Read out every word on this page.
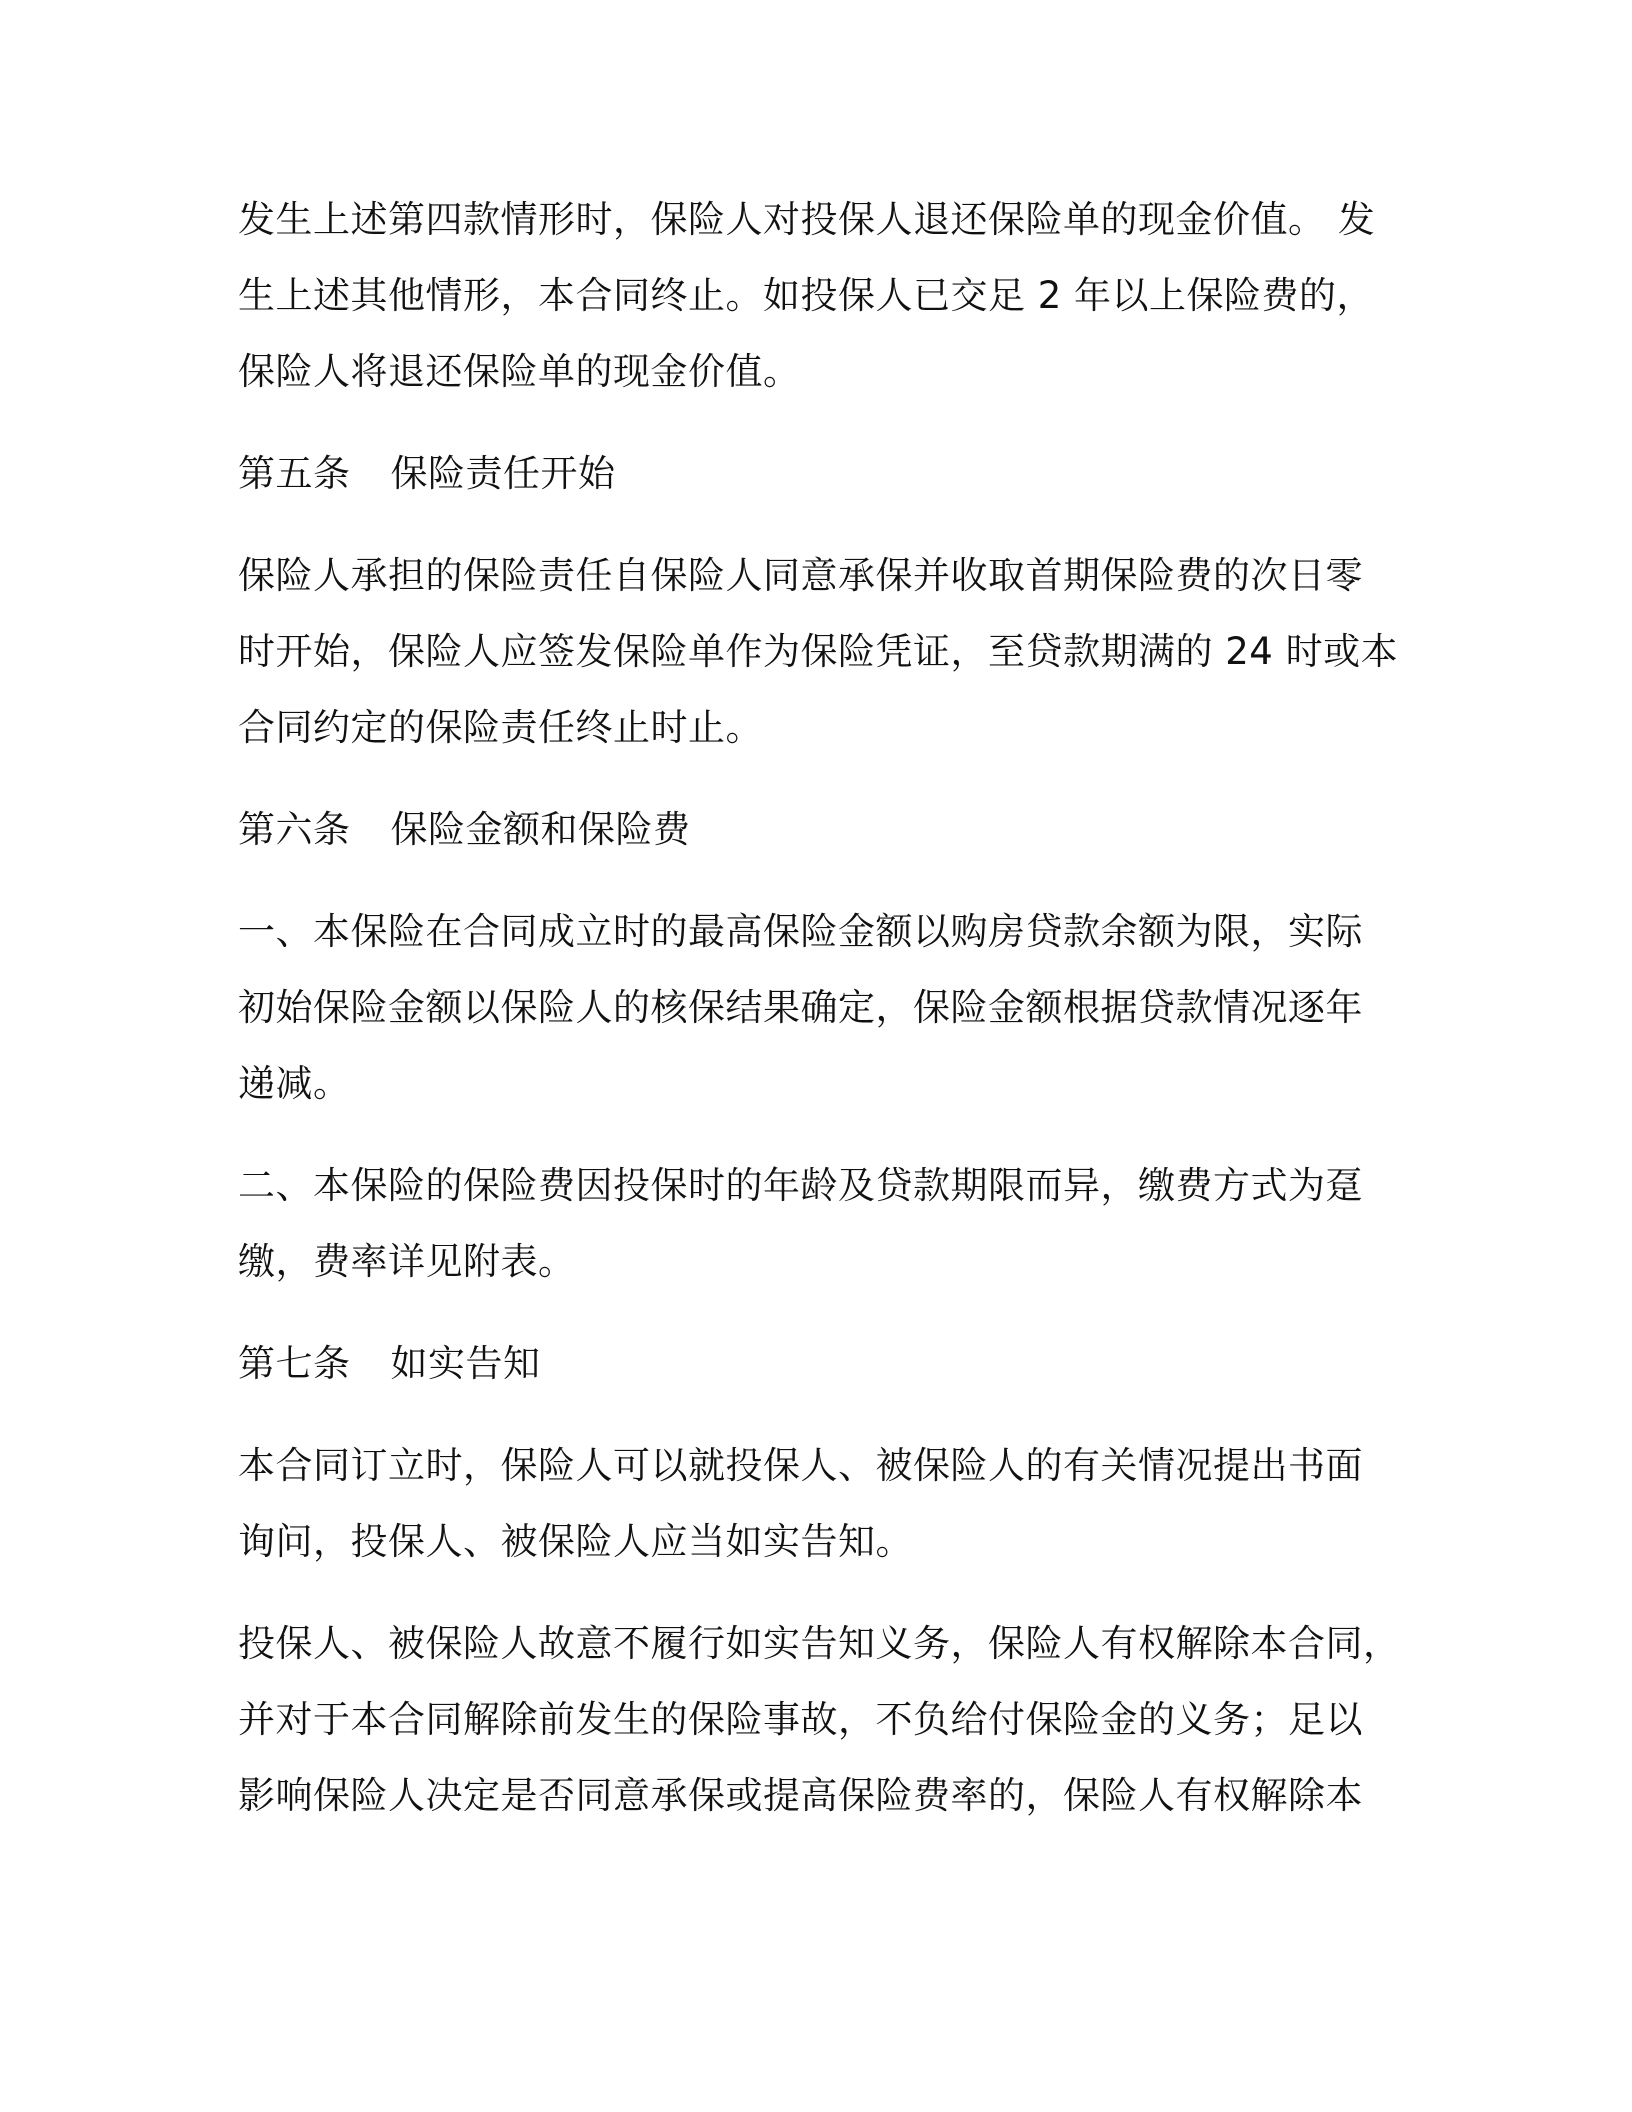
发生上述第四款情形时，保险人对投保人退还保险单的现金价值。 发
生上述其他情形，本合同终止。如投保人已交足 2 年以上保险费的，
保险人将退还保险单的现金价值。
第五条 保险责任开始
保险人承担的保险责任自保险人同意承保并收取首期保险费的次日零
时开始，保险人应签发保险单作为保险凭证，至贷款期满的 24 时或本
合同约定的保险责任终止时止。
第六条 保险金额和保险费
一、本保险在合同成立时的最高保险金额以购房贷款余额为限，实际
初始保险金额以保险人的核保结果确定，保险金额根据贷款情况逐年
递减。
二、本保险的保险费因投保时的年龄及贷款期限而异，缴费方式为趸
缴，费率详见附表。
第七条 如实告知
本合同订立时，保险人可以就投保人、被保险人的有关情况提出书面
询问，投保人、被保险人应当如实告知。
投保人、被保险人故意不履行如实告知义务，保险人有权解除本合同，
并对于本合同解除前发生的保险事故，不负给付保险金的义务；足以
影响保险人决定是否同意承保或提高保险费率的，保险人有权解除本
